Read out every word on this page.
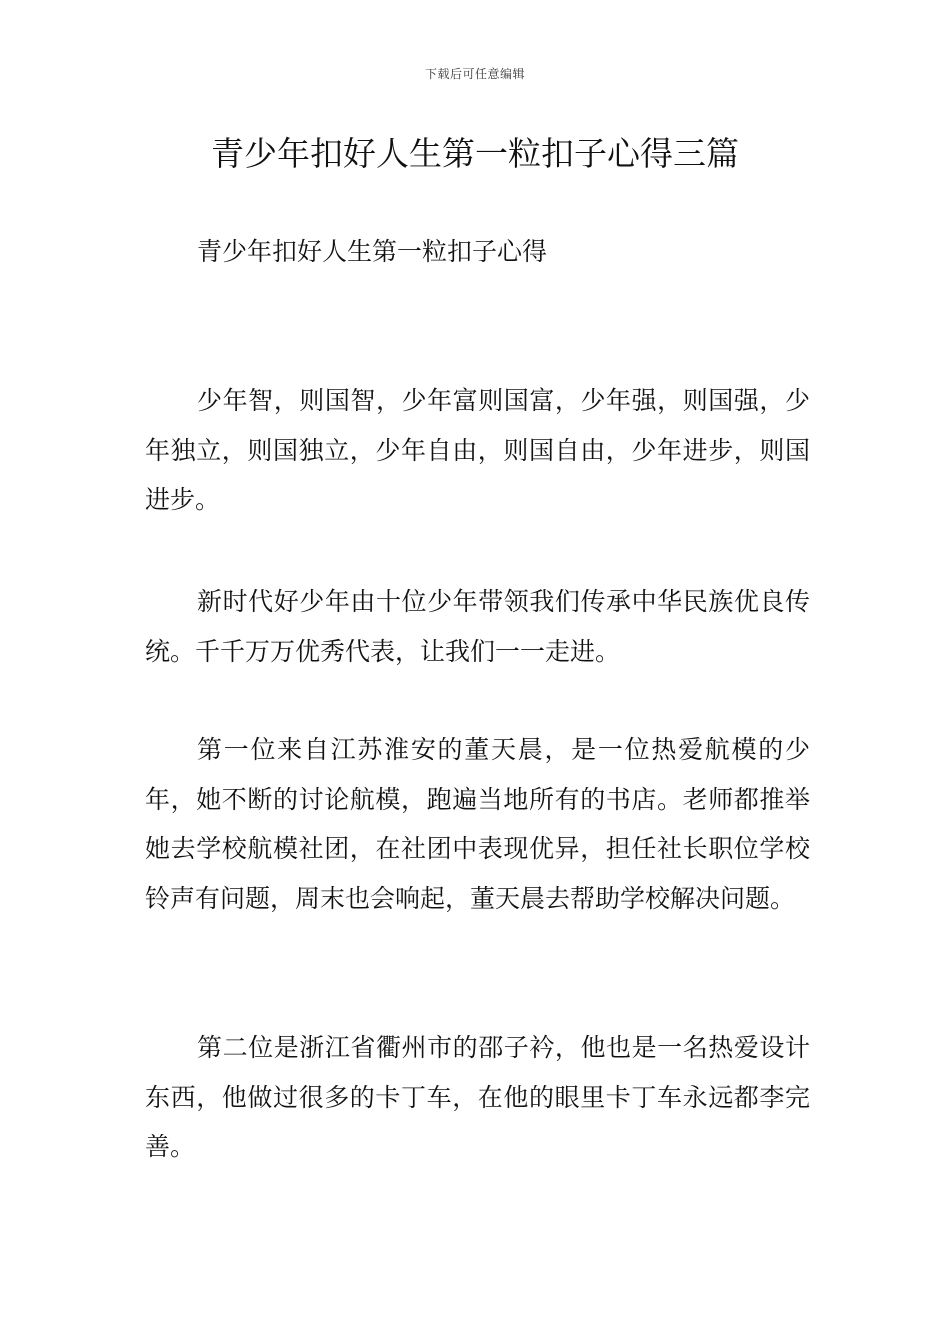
下载后可任意编辑
青少年扣好人生第一粒扣子心得三篇
青少年扣好人生第一粒扣子心得

少年智，则国智，少年富则国富，少年强，则国强，少年独立，则国独立，少年自由，则国自由，少年进步，则国进步。

新时代好少年由十位少年带领我们传承中华民族优良传统。千千万万优秀代表，让我们一一走进。

第一位来自江苏淮安的董天晨，是一位热爱航模的少年，她不断的讨论航模，跑遍当地所有的书店。老师都推举她去学校航模社团，在社团中表现优异，担任社长职位学校铃声有问题，周末也会响起，董天晨去帮助学校解决问题。

第二位是浙江省衢州市的邵子衿，他也是一名热爱设计东西，他做过很多的卡丁车，在他的眼里卡丁车永远都李完善。
